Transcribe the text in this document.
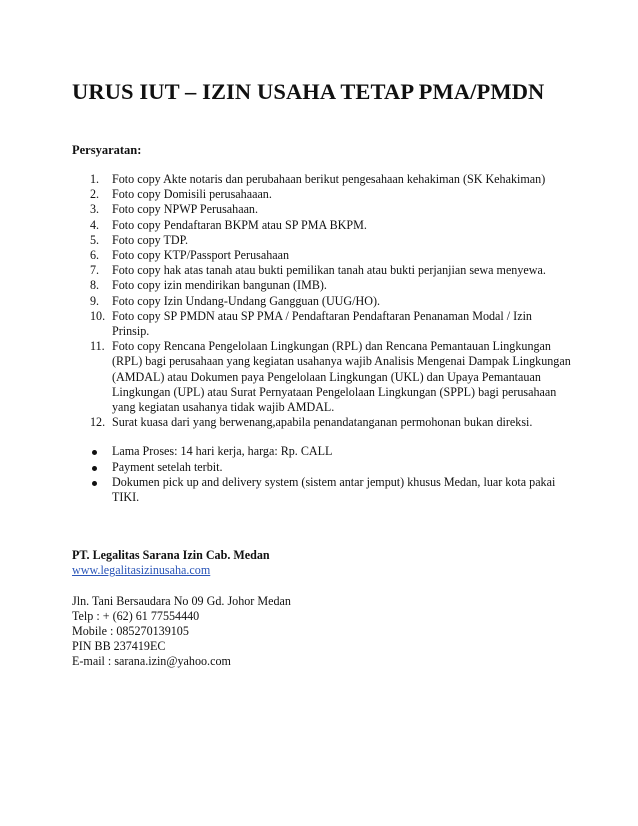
URUS IUT – IZIN USAHA TETAP PMA/PMDN
Persyaratan:
1. Foto copy Akte notaris dan perubahaan berikut pengesahaan kehakiman (SK Kehakiman)
2. Foto copy Domisili perusahaaan.
3. Foto copy NPWP Perusahaan.
4. Foto copy Pendaftaran BKPM atau SP PMA BKPM.
5. Foto copy TDP.
6. Foto copy KTP/Passport Perusahaan
7. Foto copy hak atas tanah atau bukti pemilikan tanah atau bukti perjanjian sewa menyewa.
8. Foto copy izin mendirikan bangunan (IMB).
9. Foto copy Izin Undang-Undang Gangguan (UUG/HO).
10. Foto copy SP PMDN atau SP PMA / Pendaftaran Pendaftaran Penanaman Modal / Izin Prinsip.
11. Foto copy Rencana Pengelolaan Lingkungan (RPL) dan Rencana Pemantauan Lingkungan (RPL) bagi perusahaan yang kegiatan usahanya wajib Analisis Mengenai Dampak Lingkungan (AMDAL) atau Dokumen paya Pengelolaan Lingkungan (UKL) dan Upaya Pemantauan Lingkungan (UPL) atau Surat Pernyataan Pengelolaan Lingkungan (SPPL) bagi perusahaan yang kegiatan usahanya tidak wajib AMDAL.
12. Surat kuasa dari yang berwenang,apabila penandatanganan permohonan bukan direksi.
Lama Proses: 14 hari kerja, harga: Rp. CALL
Payment setelah terbit.
Dokumen pick up and delivery system (sistem antar jemput) khusus Medan, luar kota pakai TIKI.
PT. Legalitas Sarana Izin Cab. Medan
www.legalitasizinusaha.com
Jln. Tani Bersaudara No 09 Gd. Johor Medan
Telp : + (62) 61 77554440
Mobile : 085270139105
PIN BB 237419EC
E-mail : sarana.izin@yahoo.com
